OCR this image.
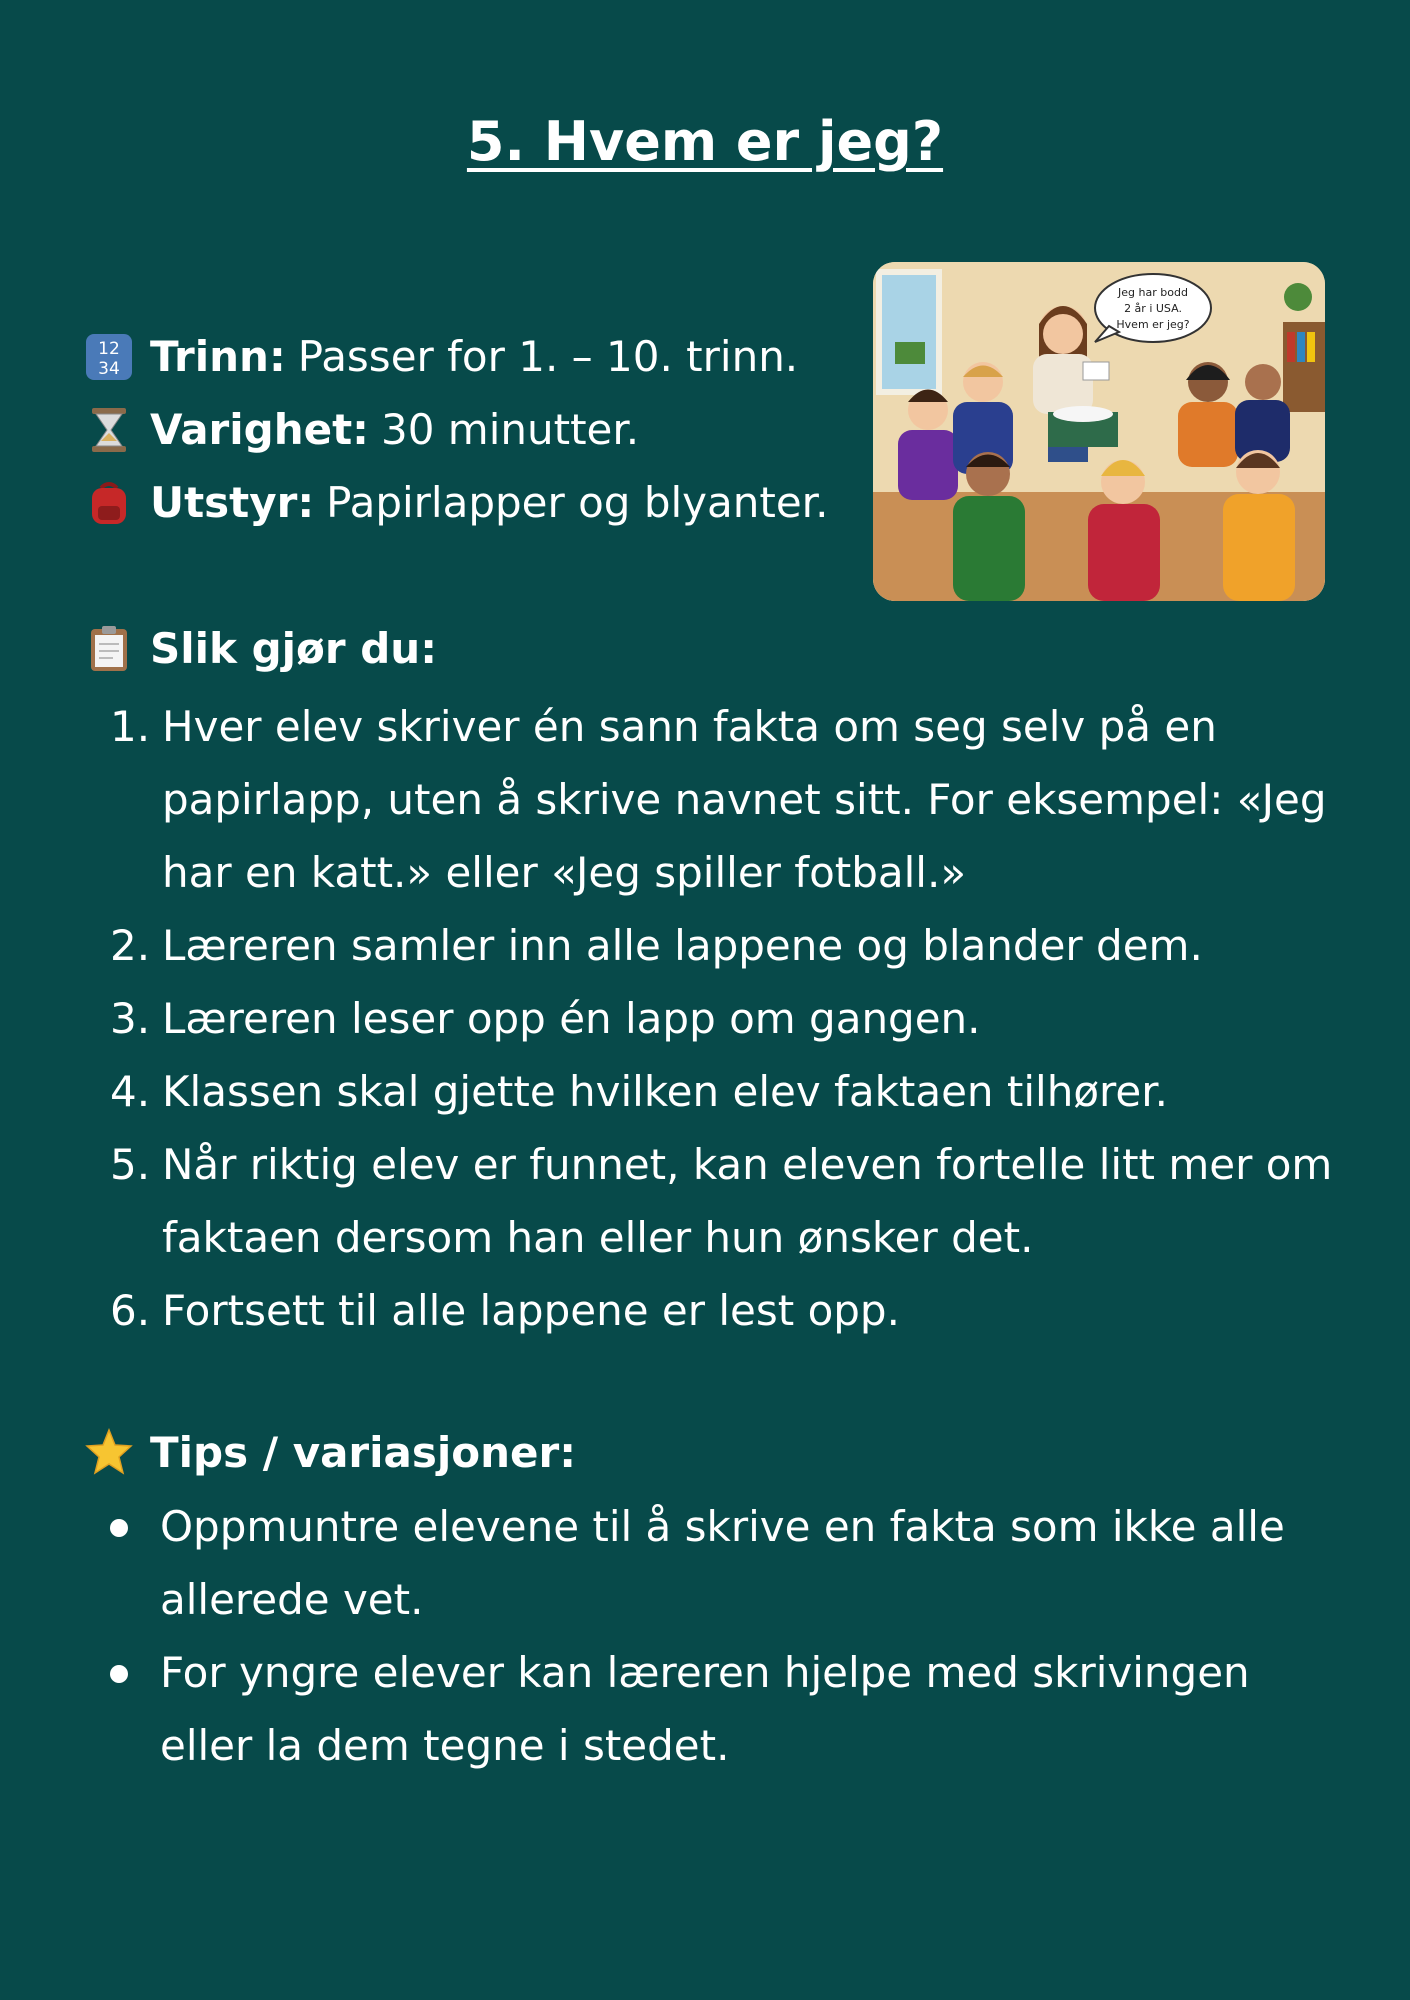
5. Hvem er jeg?
Jeg har bodd
2 år i USA.
Hvem er jeg?
12
34 Trinn: Passer for 1. – 10. trinn.
Varighet: 30 minutter.
Utstyr: Papirlapper og blyanter.
Slik gjør du:
1. Hver elev skriver én sann fakta om seg selv på en papirlapp, uten å skrive navnet sitt. For eksempel: «Jeg har en katt.» eller «Jeg spiller fotball.»
2. Læreren samler inn alle lappene og blander dem.
3. Læreren leser opp én lapp om gangen.
4. Klassen skal gjette hvilken elev faktaen tilhører.
5. Når riktig elev er funnet, kan eleven fortelle litt mer om faktaen dersom han eller hun ønsker det.
6. Fortsett til alle lappene er lest opp.
Tips / variasjoner:
Oppmuntre elevene til å skrive en fakta som ikke alle allerede vet.
For yngre elever kan læreren hjelpe med skrivingen eller la dem tegne i stedet.
